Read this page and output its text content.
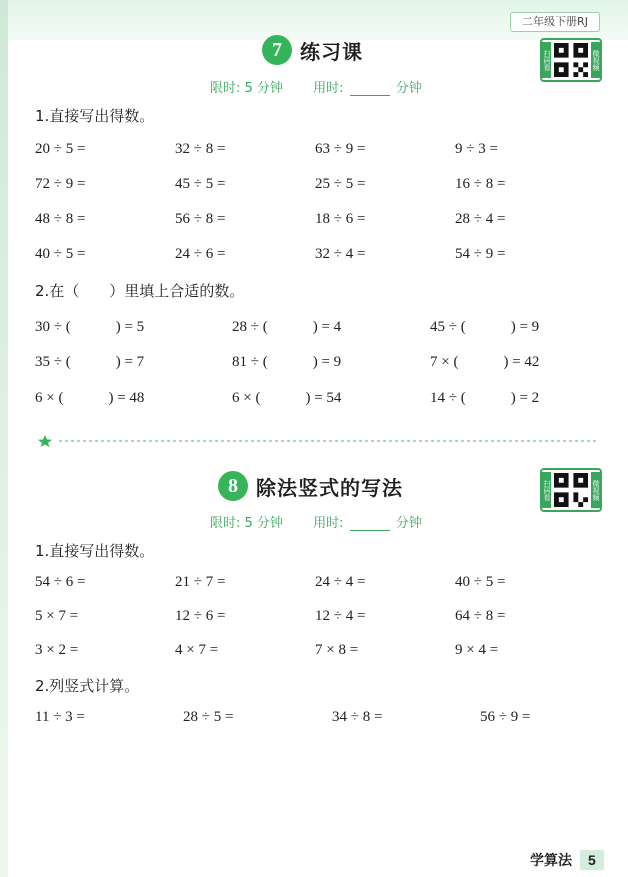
二年级下册RJ
7 练习课	扫码看	微视频
限时: 5 分钟 用时:	分钟
1.直接写出得数。
20 ÷ 5 =	32 ÷ 8 =	63 ÷ 9 =	9 ÷ 3 =
72 ÷ 9 =	45 ÷ 5 =	25 ÷ 5 =	16 ÷ 8 =
48 ÷ 8 =	56 ÷ 8 =	18 ÷ 6 =	28 ÷ 4 =
40 ÷ 5 =	24 ÷ 6 =	32 ÷ 4 =	54 ÷ 9 =
2.在（　　）里填上合适的数。
30 ÷ (　　　) = 5	28 ÷ (　　　) = 4	45 ÷ (　　　) = 9
35 ÷ (　　　) = 7	81 ÷ (　　　) = 9	7 × (　　　) = 42
6 × (　　　) = 48	6 × (　　　) = 54	14 ÷ (　　　) = 2
8 除法竖式的写法	扫码看	微视频
限时: 5 分钟 用时:	分钟
1.直接写出得数。
54 ÷ 6 =	21 ÷ 7 =	24 ÷ 4 =	40 ÷ 5 =
5 × 7 =	12 ÷ 6 =	12 ÷ 4 =	64 ÷ 8 =
3 × 2 =	4 × 7 =	7 × 8 =	9 × 4 =
2.列竖式计算。
11 ÷ 3 =	28 ÷ 5 =	34 ÷ 8 =	56 ÷ 9 =
学算法	5
